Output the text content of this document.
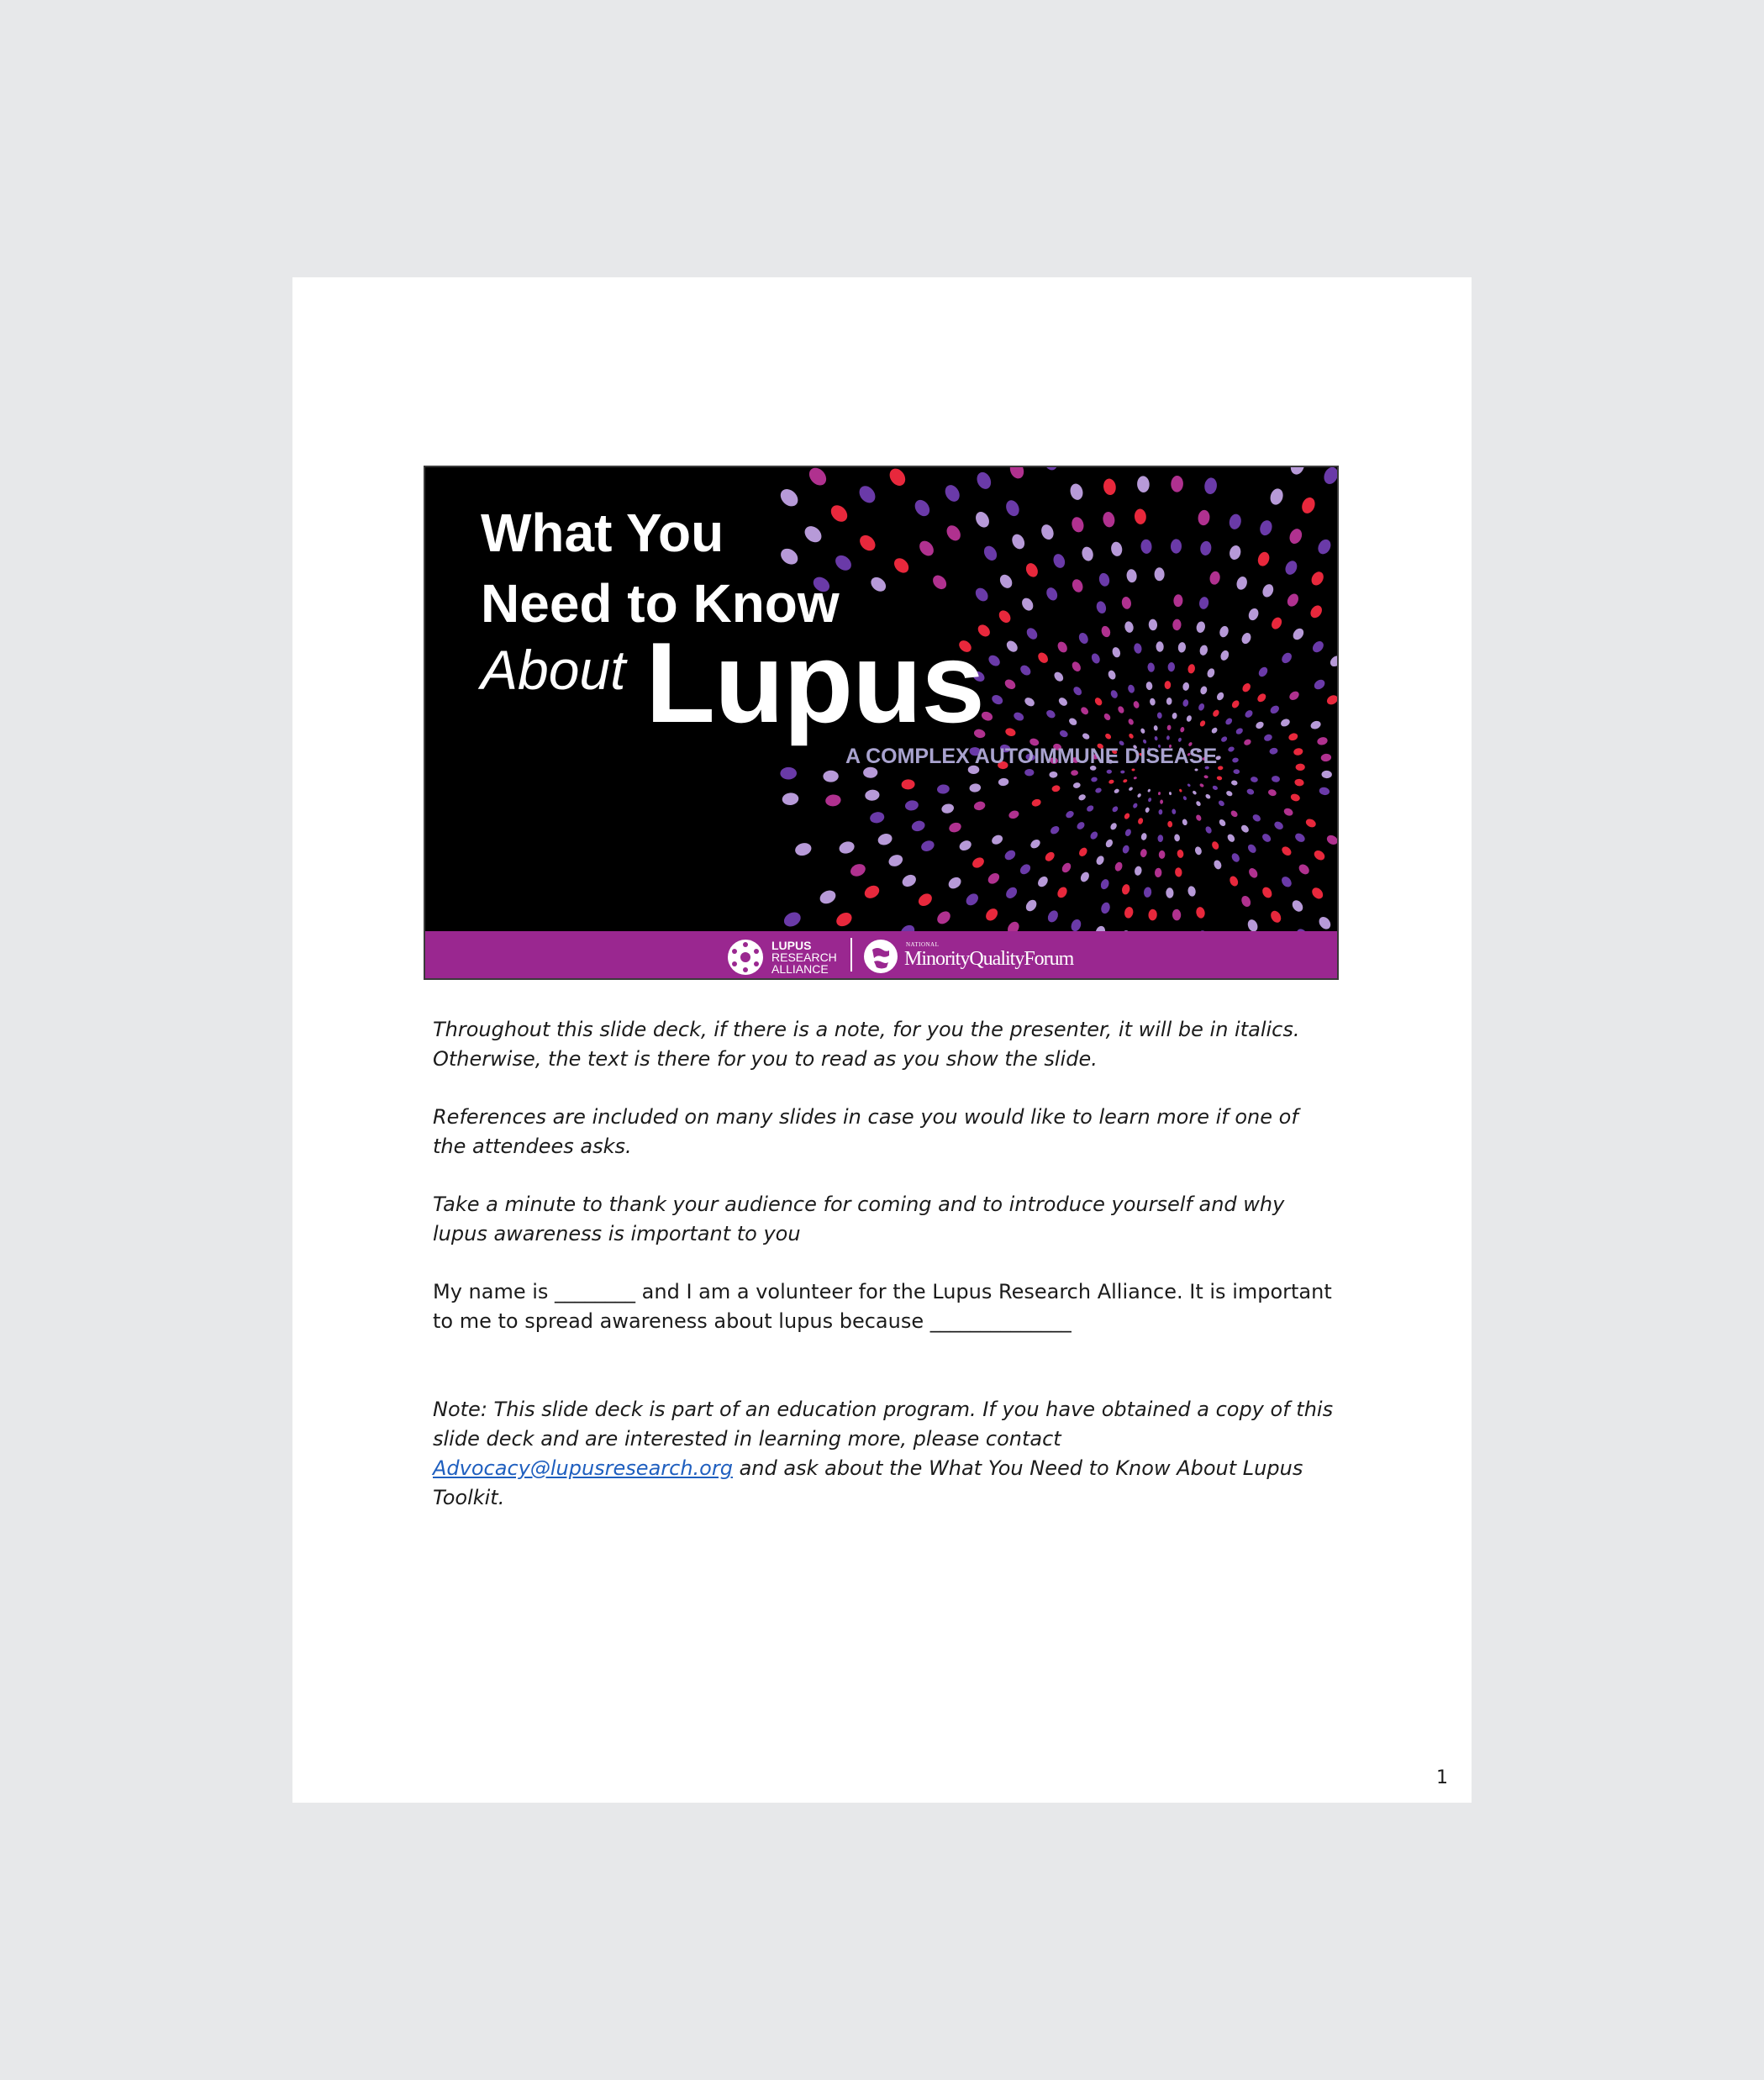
What You
Need to Know
About Lupus
A COMPLEX AUTOIMMUNE DISEASE
LUPUS
RESEARCH
ALLIANCE
NATIONAL
MinorityQualityForum

Throughout this slide deck, if there is a note, for you the presenter, it will be in italics. Otherwise, the text is there for you to read as you show the slide.

References are included on many slides in case you would like to learn more if one of the attendees asks.

Take a minute to thank your audience for coming and to introduce yourself and why lupus awareness is important to you

My name is ________ and I am a volunteer for the Lupus Research Alliance. It is important to me to spread awareness about lupus because ______________

Note: This slide deck is part of an education program. If you have obtained a copy of this slide deck and are interested in learning more, please contact Advocacy@lupusresearch.org and ask about the What You Need to Know About Lupus Toolkit.

1
